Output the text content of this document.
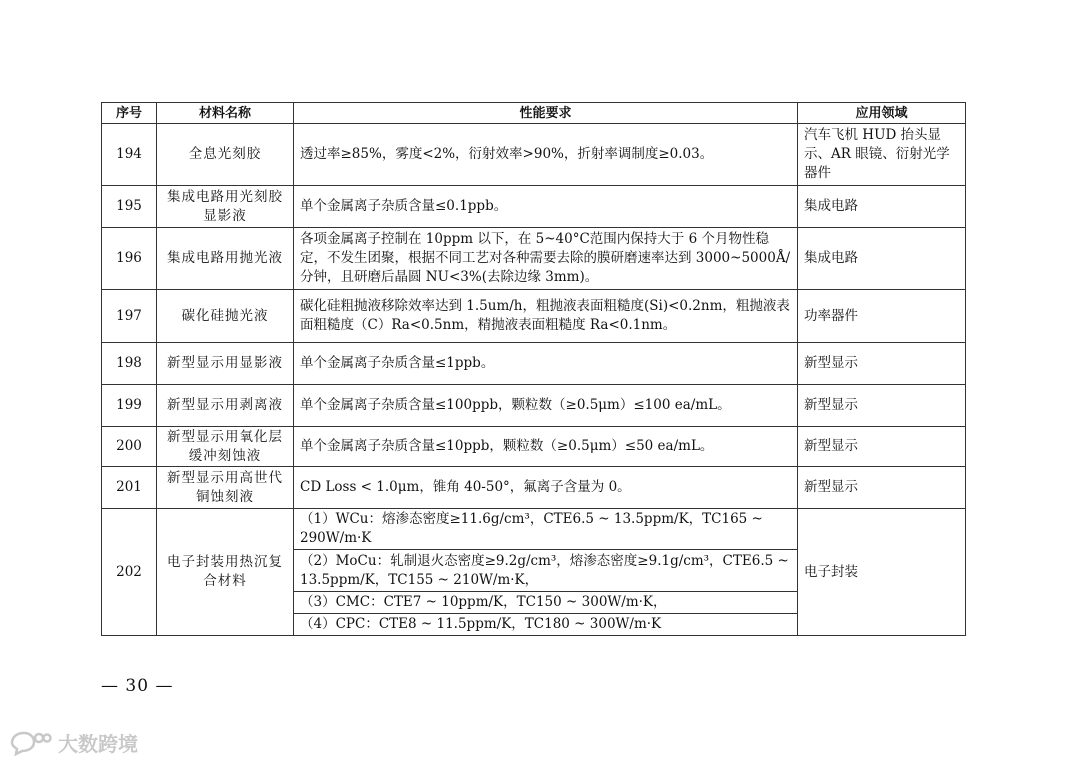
序号	材料名称	性能要求	应用领域
194	全息光刻胶	透过率≥85%，雾度<2%，衍射效率>90%，折射率调制度≥0.03。	汽车飞机 HUD 抬头显示、AR 眼镜、衍射光学器件
195	集成电路用光刻胶显影液	单个金属离子杂质含量≤0.1ppb。	集成电路
196	集成电路用抛光液	各项金属离子控制在 10ppm 以下，在 5~40°C范围内保持大于 6 个月物性稳定，不发生团聚，根据不同工艺对各种需要去除的膜研磨速率达到 3000~5000Å/分钟，且研磨后晶圆 NU<3%(去除边缘 3mm)。	集成电路
197	碳化硅抛光液	碳化硅粗抛液移除效率达到 1.5um/h，粗抛液表面粗糙度(Si)<0.2nm，粗抛液表面粗糙度（C）Ra<0.5nm，精抛液表面粗糙度 Ra<0.1nm。	功率器件
198	新型显示用显影液	单个金属离子杂质含量≤1ppb。	新型显示
199	新型显示用剥离液	单个金属离子杂质含量≤100ppb，颗粒数（≥0.5μm）≤100 ea/mL。	新型显示
200	新型显示用氧化层缓冲刻蚀液	单个金属离子杂质含量≤10ppb，颗粒数（≥0.5μm）≤50 ea/mL。	新型显示
201	新型显示用高世代铜蚀刻液	CD Loss < 1.0μm，锥角 40-50°，氟离子含量为 0。	新型显示
202	电子封装用热沉复合材料	（1）WCu：熔渗态密度≥11.6g/cm³，CTE6.5 ~ 13.5ppm/K，TC165 ~ 290W/m·K	电子封装
		（2）MoCu：轧制退火态密度≥9.2g/cm³，熔渗态密度≥9.1g/cm³，CTE6.5 ~ 13.5ppm/K，TC155 ~ 210W/m·K，	
		（3）CMC：CTE7 ~ 10ppm/K，TC150 ~ 300W/m·K，	
		（4）CPC：CTE8 ~ 11.5ppm/K，TC180 ~ 300W/m·K	
— 30 —
大数跨境
